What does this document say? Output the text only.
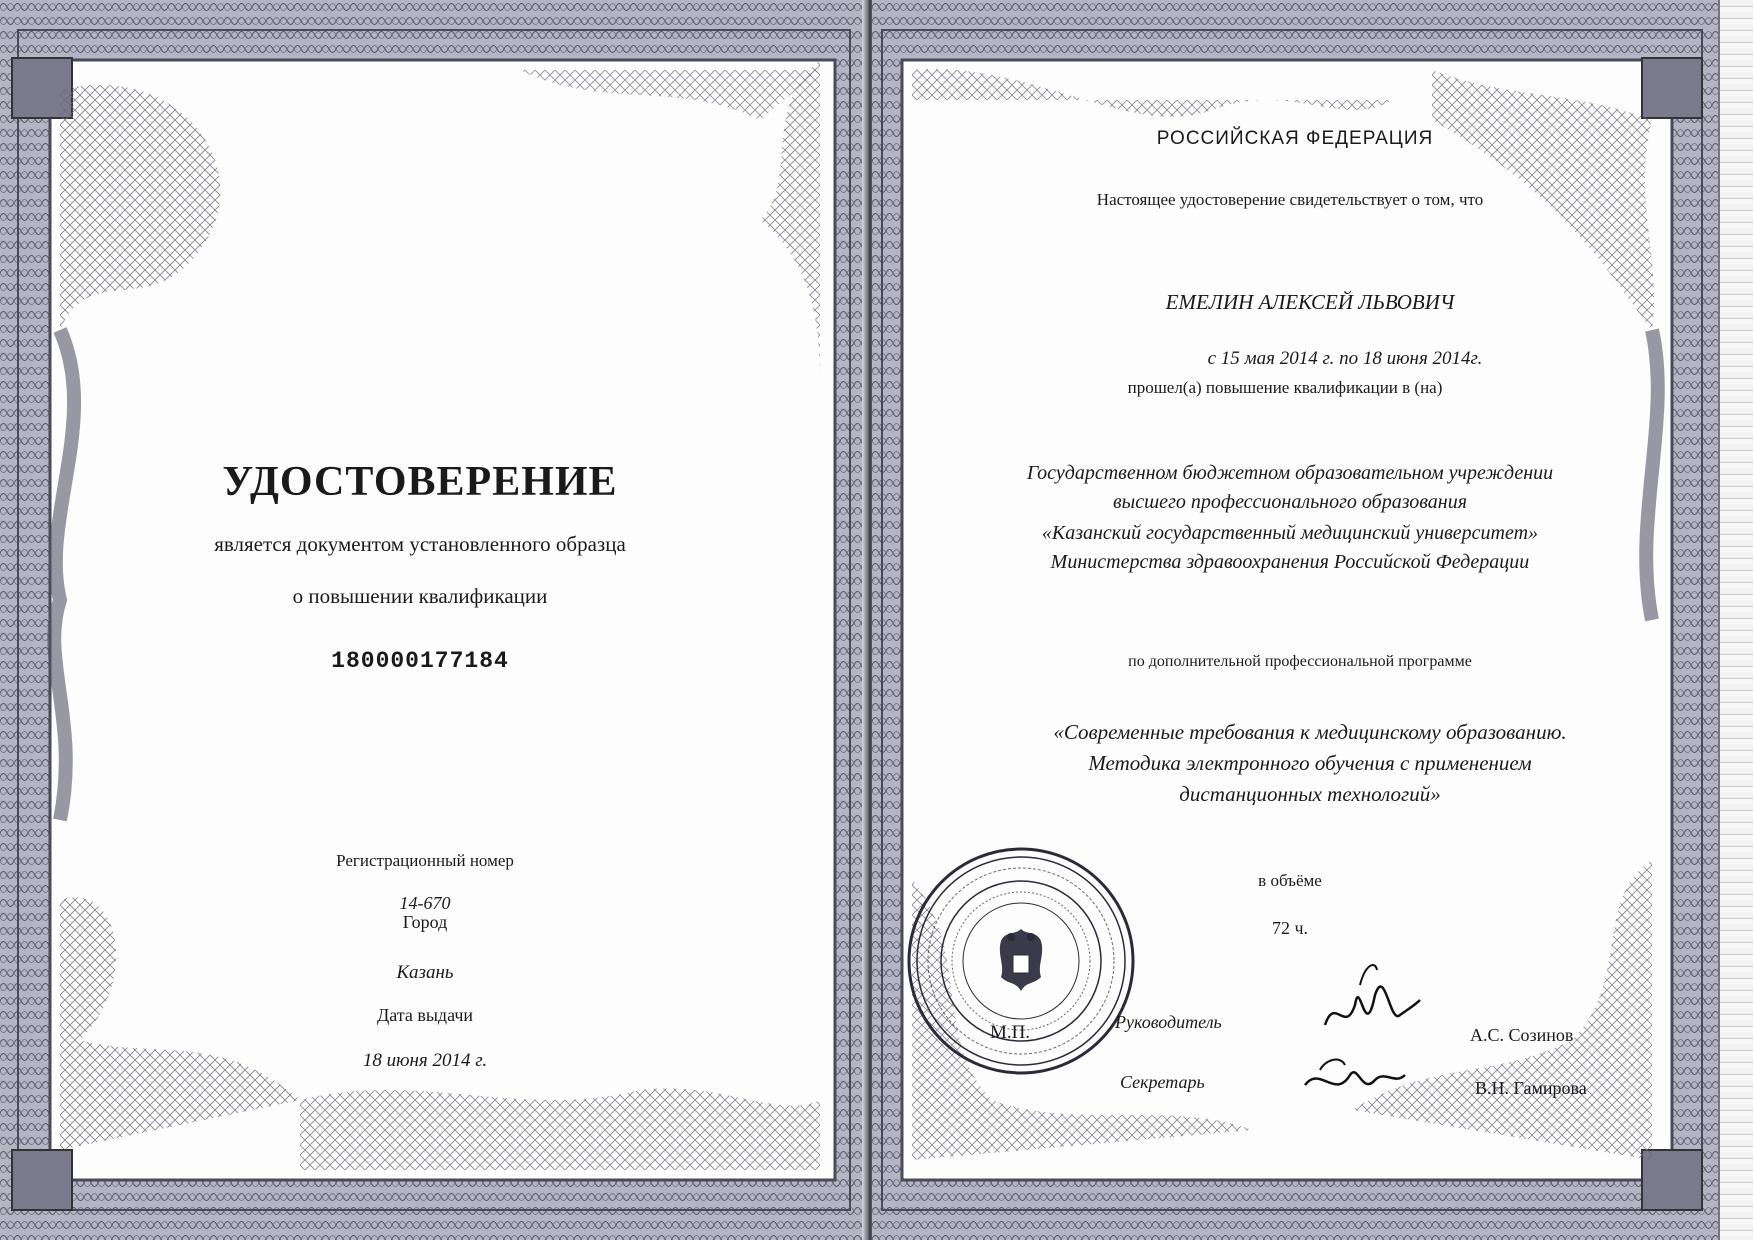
УДОСТОВЕРЕНИЕ
является документом установленного образца
о повышении квалификации
180000177184
Регистрационный номер
14-670
Город
Казань
Дата выдачи
18 июня 2014 г.
РОССИЙСКАЯ ФЕДЕРАЦИЯ
Настоящее удостоверение свидетельствует о том, что
ЕМЕЛИН АЛЕКСЕЙ ЛЬВОВИЧ
с 15 мая 2014 г. по 18 июня 2014г.
прошел(а) повышение квалификации в (на)
Государственном бюджетном образовательном учреждении
высшего профессионального образования
«Казанский государственный медицинский университет»
Министерства здравоохранения Российской Федерации
по дополнительной профессиональной программе
«Современные требования к медицинскому образованию.
Методика электронного обучения с применением
дистанционных технологий»
в объёме
72 ч.
М.П.	Руководитель
А.С. Созинов
Секретарь	В.Н. Гамирова
